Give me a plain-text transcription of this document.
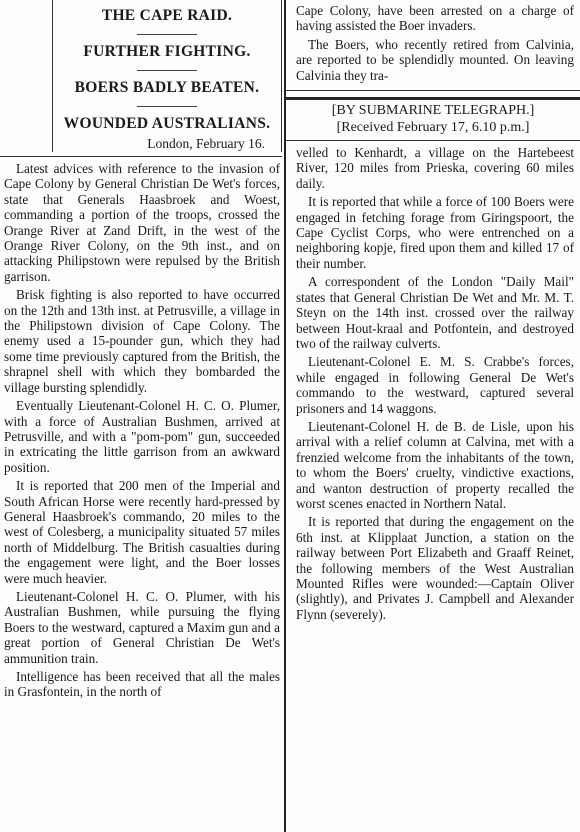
THE CAPE RAID.

FURTHER FIGHTING.

BOERS BADLY BEATEN.

WOUNDED AUSTRALIANS.

London, February 16.

Latest advices with reference to the invasion of Cape Colony by General Christian De Wet's forces, state that Generals Haasbroek and Woest, commanding a portion of the troops, crossed the Orange River at Zand Drift, in the west of the Orange River Colony, on the 9th inst., and on attacking Philipstown were repulsed by the British garrison.

Brisk fighting is also reported to have occurred on the 12th and 13th inst. at Petrusville, a village in the Philipstown division of Cape Colony. The enemy used a 15-pounder gun, which they had some time previously captured from the British, the shrapnel shell with which they bombarded the village bursting splendidly.

Eventually Lieutenant-Colonel H. C. O. Plumer, with a force of Australian Bushmen, arrived at Petrusville, and with a "pom-pom" gun, succeeded in extricating the little garrison from an awkward position.

It is reported that 200 men of the Imperial and South African Horse were recently hard-pressed by General Haasbroek's commando, 20 miles to the west of Colesberg, a municipality situated 57 miles north of Middelburg. The British casualties during the engagement were light, and the Boer losses were much heavier.

Lieutenant-Colonel H. C. O. Plumer, with his Australian Bushmen, while pursuing the flying Boers to the westward, captured a Maxim gun and a great portion of General Christian De Wet's ammunition train.

Intelligence has been received that all the males in Grasfontein, in the north of

Cape Colony, have been arrested on a charge of having assisted the Boer invaders.

The Boers, who recently retired from Calvinia, are reported to be splendidly mounted. On leaving Calvinia they tra-

[BY SUBMARINE TELEGRAPH.]

[Received February 17, 6.10 p.m.]

velled to Kenhardt, a village on the Hartebeest River, 120 miles from Prieska, covering 60 miles daily.

It is reported that while a force of 100 Boers were engaged in fetching forage from Giringspoort, the Cape Cyclist Corps, who were entrenched on a neighboring kopje, fired upon them and killed 17 of their number.

A correspondent of the London "Daily Mail" states that General Christian De Wet and Mr. M. T. Steyn on the 14th inst. crossed over the railway between Hout-kraal and Potfontein, and destroyed two of the railway culverts.

Lieutenant-Colonel E. M. S. Crabbe's forces, while engaged in following General De Wet's commando to the westward, captured several prisoners and 14 waggons.

Lieutenant-Colonel H. de B. de Lisle, upon his arrival with a relief column at Calvina, met with a frenzied welcome from the inhabitants of the town, to whom the Boers' cruelty, vindictive exactions, and wanton destruction of property recalled the worst scenes enacted in Northern Natal.

It is reported that during the engagement on the 6th inst. at Klipplaat Junction, a station on the railway between Port Elizabeth and Graaff Reinet, the following members of the West Australian Mounted Rifles were wounded:—Captain Oliver (slightly), and Privates J. Campbell and Alexander Flynn (severely).
